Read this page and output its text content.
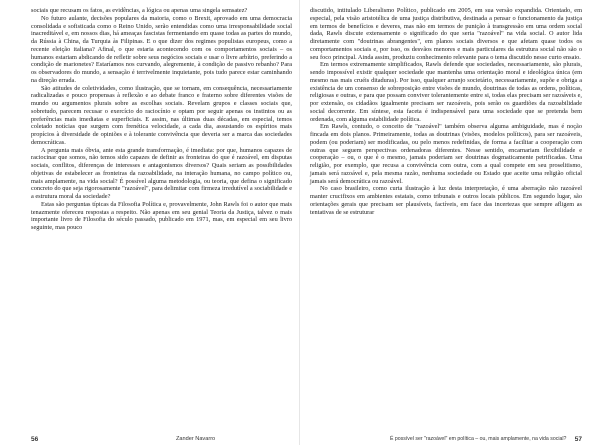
sociais que recusam os fatos, as evidências, a lógica ou apenas uma singela semsatez?

No futuro aulante, decisões populares da maioria, como o Brexit, aprovado em uma democracia consolidada e sofisticada como o Reino Unido, serão entendidas como uma irresponsabilidade social inacreditável e, em nossos dias, há ameaças fascistas fermentando em quase todas as partes do mundo, da Rússia à China, da Turquia às Filipinas. E o que dizer dos regimes populistas europeus, como a recente eleição italiana? Afinal, o que estaria acontecendo com os comportamentos sociais – os humanos estariam abdicando de refletir sobre seus negócios sociais e usar o livre arbítrio, preferindo a condição de marionetes? Estaríamos nos curvando, alegremente, à condição de passivo rebanho? Para os observadores do mundo, a sensação é terrivelmente inquietante, pois tudo parece estar caminhando na direção errada.

São atitudes de coletividades, como ilustração, que se tornam, em consequência, necessariamente radicalizadas e pouco propensas à reflexão e ao debate franco e fraterno sobre diferentes visões de mundo ou argumentos plurais sobre as escolhas sociais. Revelam grupos e classes sociais que, sobretudo, parecem recusar o exercício do raciocínio e optam por seguir apenas os instintos ou as preferências mais imediatas e superficiais. E assim, nas últimas duas décadas, em especial, temos coletado notícias que surgem com frenética velocidade, a cada dia, assustando os espíritos mais propícios à diversidade de opiniões e à tolerante convivência que deveria ser a marca das sociedades democráticas.

A pergunta mais óbvia, ante esta grande transformação, é imediata: por que, humanos capazes de raciocinar que somos, não temos sido capazes de definir as fronteiras do que é razoável, em disputas sociais, conflitos, diferenças de interesses e antagonismos diversos? Quais seriam as possibilidades objetivas de estabelecer as fronteiras da razoabilidade, na interação humana, no campo político ou, mais amplamente, na vida social? É possível alguma metodologia, ou teoria, que defina o significado concreto do que seja rigorosamente "razoável", para delimitar com firmeza irredutível a sociabilidade e a estrutura moral da sociedade?

Estas são perguntas típicas da Filosofia Política e, provavelmente, John Rawls foi o autor que mais tenazmente ofereceu respostas a respeito. Não apenas em seu genial Teoria da Justiça, talvez o mais importante livro de Filosofia do século passado, publicado em 1971, mas, em especial em seu livro seguinte, mas pouco

56	Zander Navarro

discutido, intitulado Liberalismo Político, publicado em 2005, em sua versão expandida. Orientado, em especial, pela visão aristotélica de uma justiça distributiva, destinada a pensar o funcionamento da justiça em termos de benefícios e deveres, mas não em termos de punição à transgressão em uma ordem social dada, Rawls discute extensamente o significado do que seria "razoável" na vida social. O autor lida diretamente com "doutrinas abrangentes", em planos sociais diversos e que afetam quase todos os comportamentos sociais e, por isso, os desvãos menores e mais particulares da estrutura social não são o seu foco principal. Ainda assim, produziu conhecimento relevante para o tema discutido nesse curto ensaio.

Em termos extremamente simplificados, Rawls defende que sociedades, necessariamente, são plurais, sendo impossível existir qualquer sociedade que mantenha uma orientação moral e ideológica única (em mesmo nas mais cruéis ditaduras). Por isso, qualquer arranjo societário, necessariamente, supõe e obriga a existência de um consenso de sobreposição entre visões de mundo, doutrinas de todas as ordens, políticas, religiosas e outras, e para que possam conviver tolerantemente entre si, todas elas precisam ser razoáveis e, por extensão, os cidadãos igualmente precisam ser razoáveis, pois serão os guardiões da razoabilidade social decorrente. Em síntese, esta faceta é indispensável para uma sociedade que se pretenda bem ordenada, com alguma estabilidade política.

Em Rawls, contudo, o conceito de "razoável" também observa alguma ambiguidade, mas é noção fincada em dois planos. Primeiramente, todas as doutrinas (visões, modelos políticos), para ser razoáveis, podem (ou poderiam) ser modificadas, ou pelo menos redefinidas, de forma a facilitar a cooperação com outras que seguem perspectivas ordenadoras diferentes. Nesse sentido, encarnariam flexibilidade e cooperação – ou, o que é o mesmo, jamais poderiam ser doutrinas dogmaticamente petrificadas. Uma religião, por exemplo, que recusa a convivência com outra, com a qual compete em seu proselitismo, jamais será razoável e, pela mesma razão, nenhuma sociedade ou Estado que aceite uma religião oficial jamais será democrática ou razoável.

No caso brasileiro, como curta ilustração à luz desta interpretação, é uma aberração não razoável manter crucifixos em ambientes estatais, como tribunais e outros locais públicos. Em segundo lugar, são orientações gerais que precisam ser plausíveis, factíveis, em face das incertezas que sempre afligem as tentativas de se estruturar

É possível ser "razoável" em política – ou, mais amplamente, na vida social? 57
